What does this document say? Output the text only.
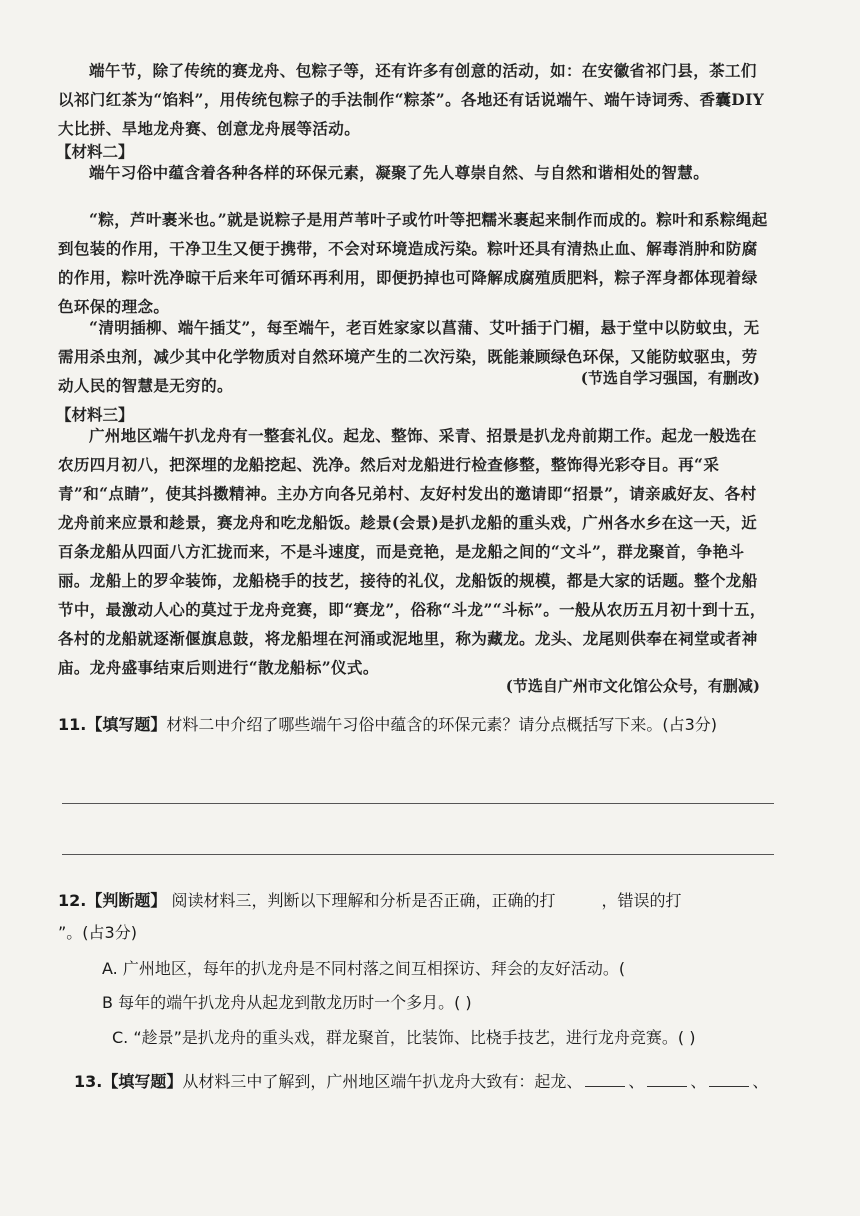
端午节，除了传统的赛龙舟、包粽子等，还有许多有创意的活动，如：在安徽省祁门县，茶工们以祁门红茶为“馅料”，用传统包粽子的手法制作“粽茶”。各地还有话说端午、端午诗词秀、香囊DIY大比拼、旱地龙舟赛、创意龙舟展等活动。
【材料二】
端午习俗中蕴含着各种各样的环保元素，凝聚了先人尊崇自然、与自然和谐相处的智慧。
“粽，芦叶裹米也。”就是说粽子是用芦苇叶子或竹叶等把糯米裹起来制作而成的。粽叶和系粽绳起到包装的作用，干净卫生又便于携带，不会对环境造成污染。粽叶还具有清热止血、解毒消肿和防腐的作用，粽叶洗净晾干后来年可循环再利用，即便扔掉也可降解成腐殖质肥料，粽子浑身都体现着绿色环保的理念。
“清明插柳、端午插艾”，每至端午，老百姓家家以菖蒲、艾叶插于门楣，悬于堂中以防蚊虫，无需用杀虫剂，减少其中化学物质对自然环境产生的二次污染，既能兼顾绿色环保，又能防蚊驱虫，劳动人民的智慧是无穷的。	(节选自学习强国，有删改)
【材料三】
广州地区端午扒龙舟有一整套礼仪。起龙、整饰、采青、招景是扒龙舟前期工作。起龙一般选在农历四月初八，把深埋的龙船挖起、洗净。然后对龙船进行检查修整，整饰得光彩夺目。再“采青”和“点睛”，使其抖擞精神。主办方向各兄弟村、友好村发出的邀请即“招景”，请亲戚好友、各村龙舟前来应景和趁景，赛龙舟和吃龙船饭。趁景(会景)是扒龙船的重头戏，广州各水乡在这一天，近百条龙船从四面八方汇拢而来，不是斗速度，而是竞艳，是龙船之间的“文斗”，群龙聚首，争艳斗丽。龙船上的罗伞装饰，龙船桡手的技艺，接待的礼仪，龙船饭的规模，都是大家的话题。整个龙船节中，最激动人心的莫过于龙舟竞赛，即“赛龙”，俗称“斗龙”“斗标”。一般从农历五月初十到十五，各村的龙船就逐渐偃旗息鼓，将龙船埋在河涌或泥地里，称为藏龙。龙头、龙尾则供奉在祠堂或者神庙。龙舟盛事结束后则进行“散龙船标”仪式。
(节选自广州市文化馆公众号，有删减)
11.【填写题】材料二中介绍了哪些端午习俗中蕴含的环保元素？请分点概括写下来。(占3分)
12.【判断题】 阅读材料三，判断以下理解和分析是否正确，正确的打	，错误的打
”。(占3分)
A. 广州地区，每年的扒龙舟是不同村落之间互相探访、拜会的友好活动。(
B 每年的端午扒龙舟从起龙到散龙历时一个多月。( )
C. “趁景”是扒龙舟的重头戏，群龙聚首，比装饰、比桡手技艺，进行龙舟竞赛。( )
13.【填写题】从材料三中了解到，广州地区端午扒龙舟大致有：起龙、	、	、	、
